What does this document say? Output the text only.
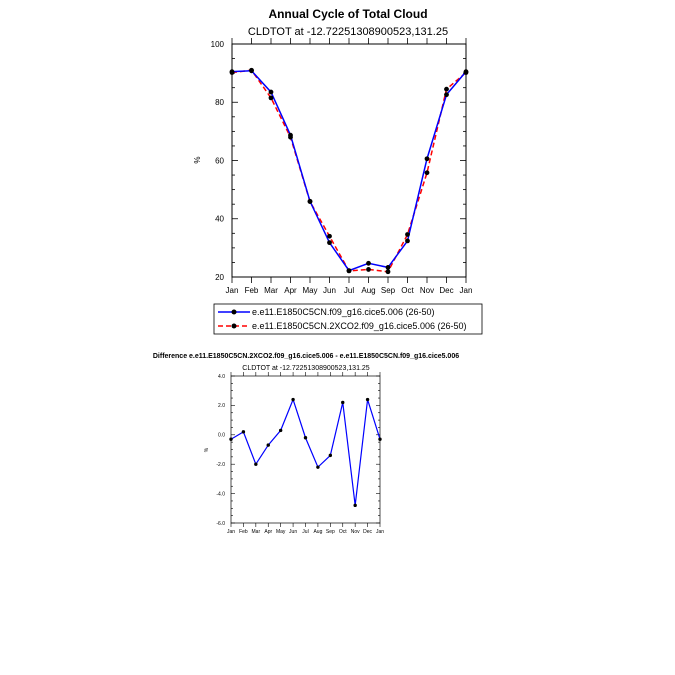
Annual Cycle of Total Cloud
CLDTOT at -12.72251308900523,131.25
20
40
60
80
100
Jan Feb Mar Apr May Jun Jul Aug Sep Oct Nov Dec Jan
%
e.e11.E1850C5CN.f09_g16.cice5.006 (26-50)
e.e11.E1850C5CN.2XCO2.f09_g16.cice5.006 (26-50)
Difference e.e11.E1850C5CN.2XCO2.f09_g16.cice5.006 - e.e11.E1850C5CN.f09_g16.cice5.006
CLDTOT at -12.72251308900523,131.25
-6.0
-4.0
-2.0
0.0
2.0
4.0
Jan Feb Mar Apr May Jun Jul Aug Sep Oct Nov Dec Jan
%
